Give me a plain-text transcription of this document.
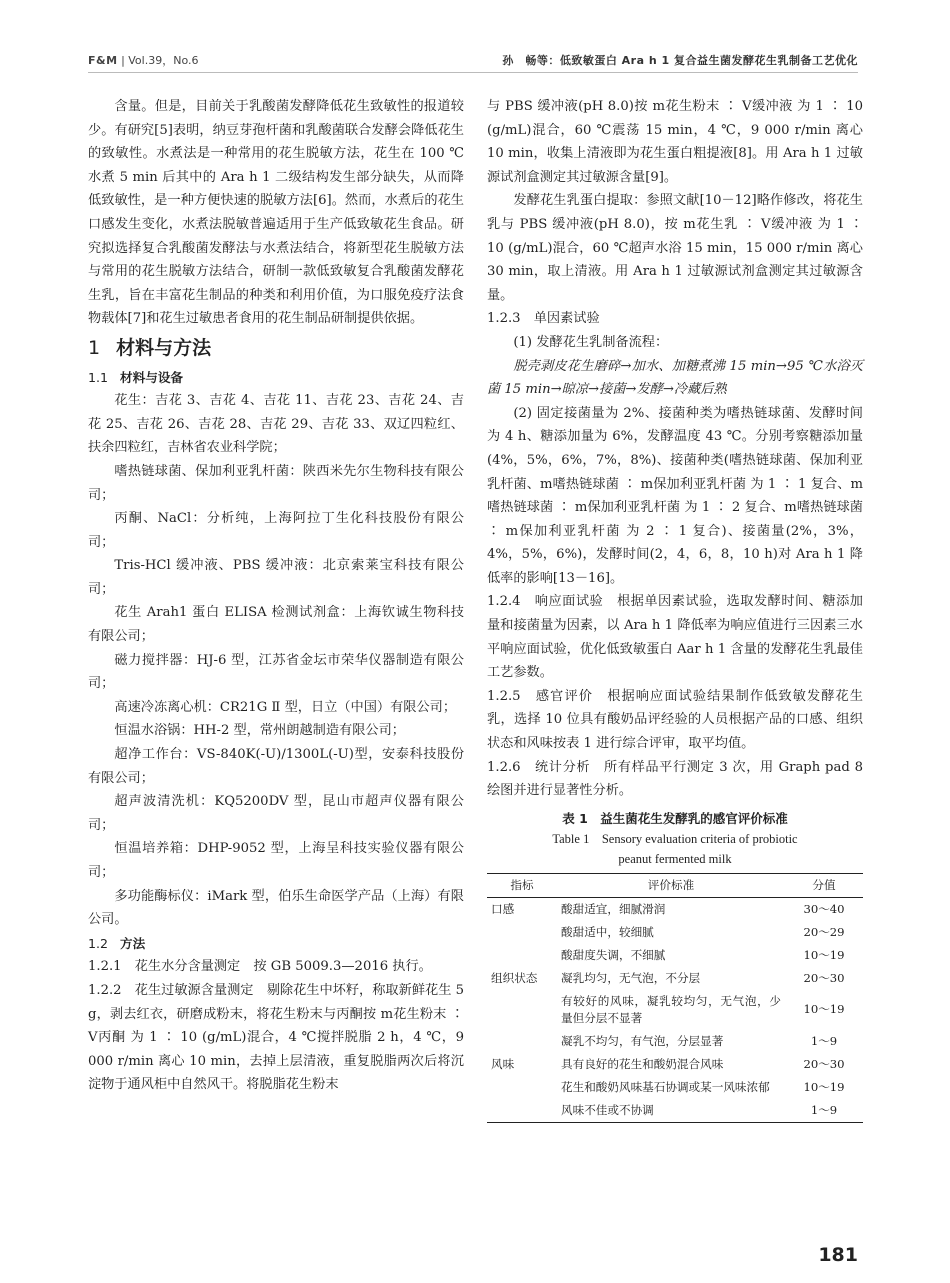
F&M | Vol.39，No.6	孙　畅等：低致敏蛋白 Ara h 1 复合益生菌发酵花生乳制备工艺优化

含量。但是，目前关于乳酸菌发酵降低花生致敏性的报道较少。有研究[5]表明，纳豆芽孢杆菌和乳酸菌联合发酵会降低花生的致敏性。水煮法是一种常用的花生脱敏方法，花生在 100 ℃水煮 5 min 后其中的 Ara h 1 二级结构发生部分缺失，从而降低致敏性，是一种方便快速的脱敏方法[6]。然而，水煮后的花生口感发生变化，水煮法脱敏普遍适用于生产低致敏花生食品。研究拟选择复合乳酸菌发酵法与水煮法结合，将新型花生脱敏方法与常用的花生脱敏方法结合，研制一款低致敏复合乳酸菌发酵花生乳，旨在丰富花生制品的种类和利用价值，为口服免疫疗法食物载体[7]和花生过敏患者食用的花生制品研制提供依据。

1 材料与方法
1.1 材料与设备

花生：吉花 3、吉花 4、吉花 11、吉花 23、吉花 24、吉花 25、吉花 26、吉花 28、吉花 29、吉花 33、双辽四粒红、扶余四粒红，吉林省农业科学院；

嗜热链球菌、保加利亚乳杆菌：陕西米先尔生物科技有限公司；

丙酮、NaCl：分析纯，上海阿拉丁生化科技股份有限公司；

Tris-HCl 缓冲液、PBS 缓冲液：北京索莱宝科技有限公司；

花生 Arah1 蛋白 ELISA 检测试剂盒：上海钦诚生物科技有限公司；

磁力搅拌器：HJ-6 型，江苏省金坛市荣华仪器制造有限公司；

高速冷冻离心机：CR21G Ⅱ 型，日立（中国）有限公司；

恒温水浴锅：HH-2 型，常州朗越制造有限公司；

超净工作台：VS-840K(-U)/1300L(-U)型，安泰科技股份有限公司；

超声波清洗机：KQ5200DV 型，昆山市超声仪器有限公司；

恒温培养箱：DHP-9052 型，上海呈科技实验仪器有限公司；

多功能酶标仪：iMark 型，伯乐生命医学产品（上海）有限公司。

1.2 方法

1.2.1　花生水分含量测定　按 GB 5009.3—2016 执行。

1.2.2　花生过敏源含量测定　剔除花生中坏籽，称取新鲜花生 5 g，剥去红衣，研磨成粉末，将花生粉末与丙酮按 m花生粉末 ∶ V丙酮 为 1 ∶ 10 (g/mL)混合，4 ℃搅拌脱脂 2 h，4 ℃，9 000 r/min 离心 10 min，去掉上层清液，重复脱脂两次后将沉淀物于通风柜中自然风干。将脱脂花生粉末

与 PBS 缓冲液(pH 8.0)按 m花生粉末 ∶ V缓冲液 为 1 ∶ 10 (g/mL)混合，60 ℃震荡 15 min，4 ℃，9 000 r/min 离心 10 min，收集上清液即为花生蛋白粗提液[8]。用 Ara h 1 过敏源试剂盒测定其过敏源含量[9]。

发酵花生乳蛋白提取：参照文献[10－12]略作修改，将花生乳与 PBS 缓冲液(pH 8.0)，按 m花生乳 ∶ V缓冲液 为 1 ∶ 10 (g/mL)混合，60 ℃超声水浴 15 min，15 000 r/min 离心 30 min，取上清液。用 Ara h 1 过敏源试剂盒测定其过敏源含量。

1.2.3　单因素试验

(1) 发酵花生乳制备流程：

脱壳剥皮花生磨碎→加水、加糖煮沸 15 min→95 ℃水浴灭菌 15 min→晾凉→接菌→发酵→冷藏后熟

(2) 固定接菌量为 2%、接菌种类为嗜热链球菌、发酵时间为 4 h、糖添加量为 6%，发酵温度 43 ℃。分别考察糖添加量(4%，5%，6%，7%，8%)、接菌种类(嗜热链球菌、保加利亚乳杆菌、m嗜热链球菌 ∶ m保加利亚乳杆菌 为 1 ∶ 1 复合、m嗜热链球菌 ∶ m保加利亚乳杆菌 为 1 ∶ 2 复合、m嗜热链球菌 ∶ m保加利亚乳杆菌 为 2 ∶ 1 复合)、接菌量(2%，3%，4%，5%，6%)，发酵时间(2，4，6，8，10 h)对 Ara h 1 降低率的影响[13－16]。

1.2.4　响应面试验　根据单因素试验，选取发酵时间、糖添加量和接菌量为因素，以 Ara h 1 降低率为响应值进行三因素三水平响应面试验，优化低致敏蛋白 Aar h 1 含量的发酵花生乳最佳工艺参数。

1.2.5　感官评价　根据响应面试验结果制作低致敏发酵花生乳，选择 10 位具有酸奶品评经验的人员根据产品的口感、组织状态和风味按表 1 进行综合评审，取平均值。

1.2.6　统计分析　所有样品平行测定 3 次，用 Graph pad 8 绘图并进行显著性分析。

表 1　益生菌花生发酵乳的感官评价标准
Table 1　Sensory evaluation criteria of probiotic
peanut fermented milk
指标	评价标准	分值
口感	酸甜适宜，细腻滑润	30～40
	酸甜适中，较细腻	20～29
	酸甜度失调，不细腻	10～19
组织状态	凝乳均匀，无气泡，不分层	20～30
	有较好的风味，凝乳较均匀，无气泡，少量但分层不显著	10～19
	凝乳不均匀，有气泡，分层显著	1～9
风味	具有良好的花生和酸奶混合风味	20～30
	花生和酸奶风味基石协调或某一风味浓郁	10～19
	风味不佳或不协调	1～9
181
